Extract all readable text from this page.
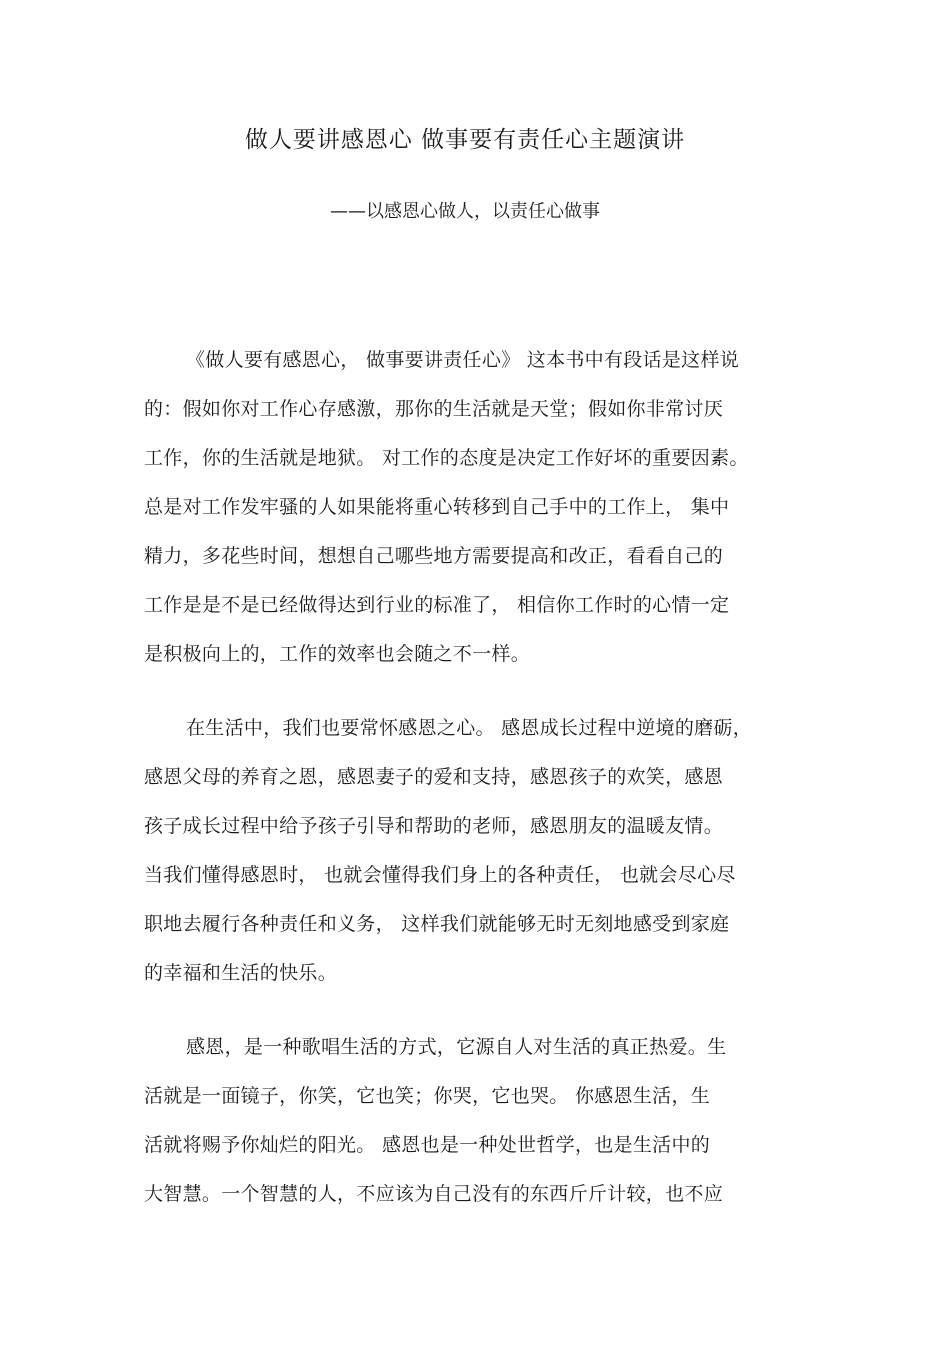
做人要讲感恩心 做事要有责任心主题演讲
——以感恩心做人，以责任心做事
《做人要有感恩心， 做事要讲责任心》 这本书中有段话是这样说
的：假如你对工作心存感激，那你的生活就是天堂；假如你非常讨厌
工作，你的生活就是地狱。 对工作的态度是决定工作好坏的重要因素。
总是对工作发牢骚的人如果能将重心转移到自己手中的工作上， 集中
精力，多花些时间，想想自己哪些地方需要提高和改正，看看自己的
工作是是不是已经做得达到行业的标准了， 相信你工作时的心情一定
是积极向上的，工作的效率也会随之不一样。
在生活中，我们也要常怀感恩之心。 感恩成长过程中逆境的磨砺，
感恩父母的养育之恩，感恩妻子的爱和支持，感恩孩子的欢笑，感恩
孩子成长过程中给予孩子引导和帮助的老师，感恩朋友的温暖友情。
当我们懂得感恩时， 也就会懂得我们身上的各种责任， 也就会尽心尽
职地去履行各种责任和义务， 这样我们就能够无时无刻地感受到家庭
的幸福和生活的快乐。
感恩，是一种歌唱生活的方式，它源自人对生活的真正热爱。生
活就是一面镜子，你笑，它也笑；你哭，它也哭。 你感恩生活，生
活就将赐予你灿烂的阳光。 感恩也是一种处世哲学，也是生活中的
大智慧。一个智慧的人，不应该为自己没有的东西斤斤计较，也不应
